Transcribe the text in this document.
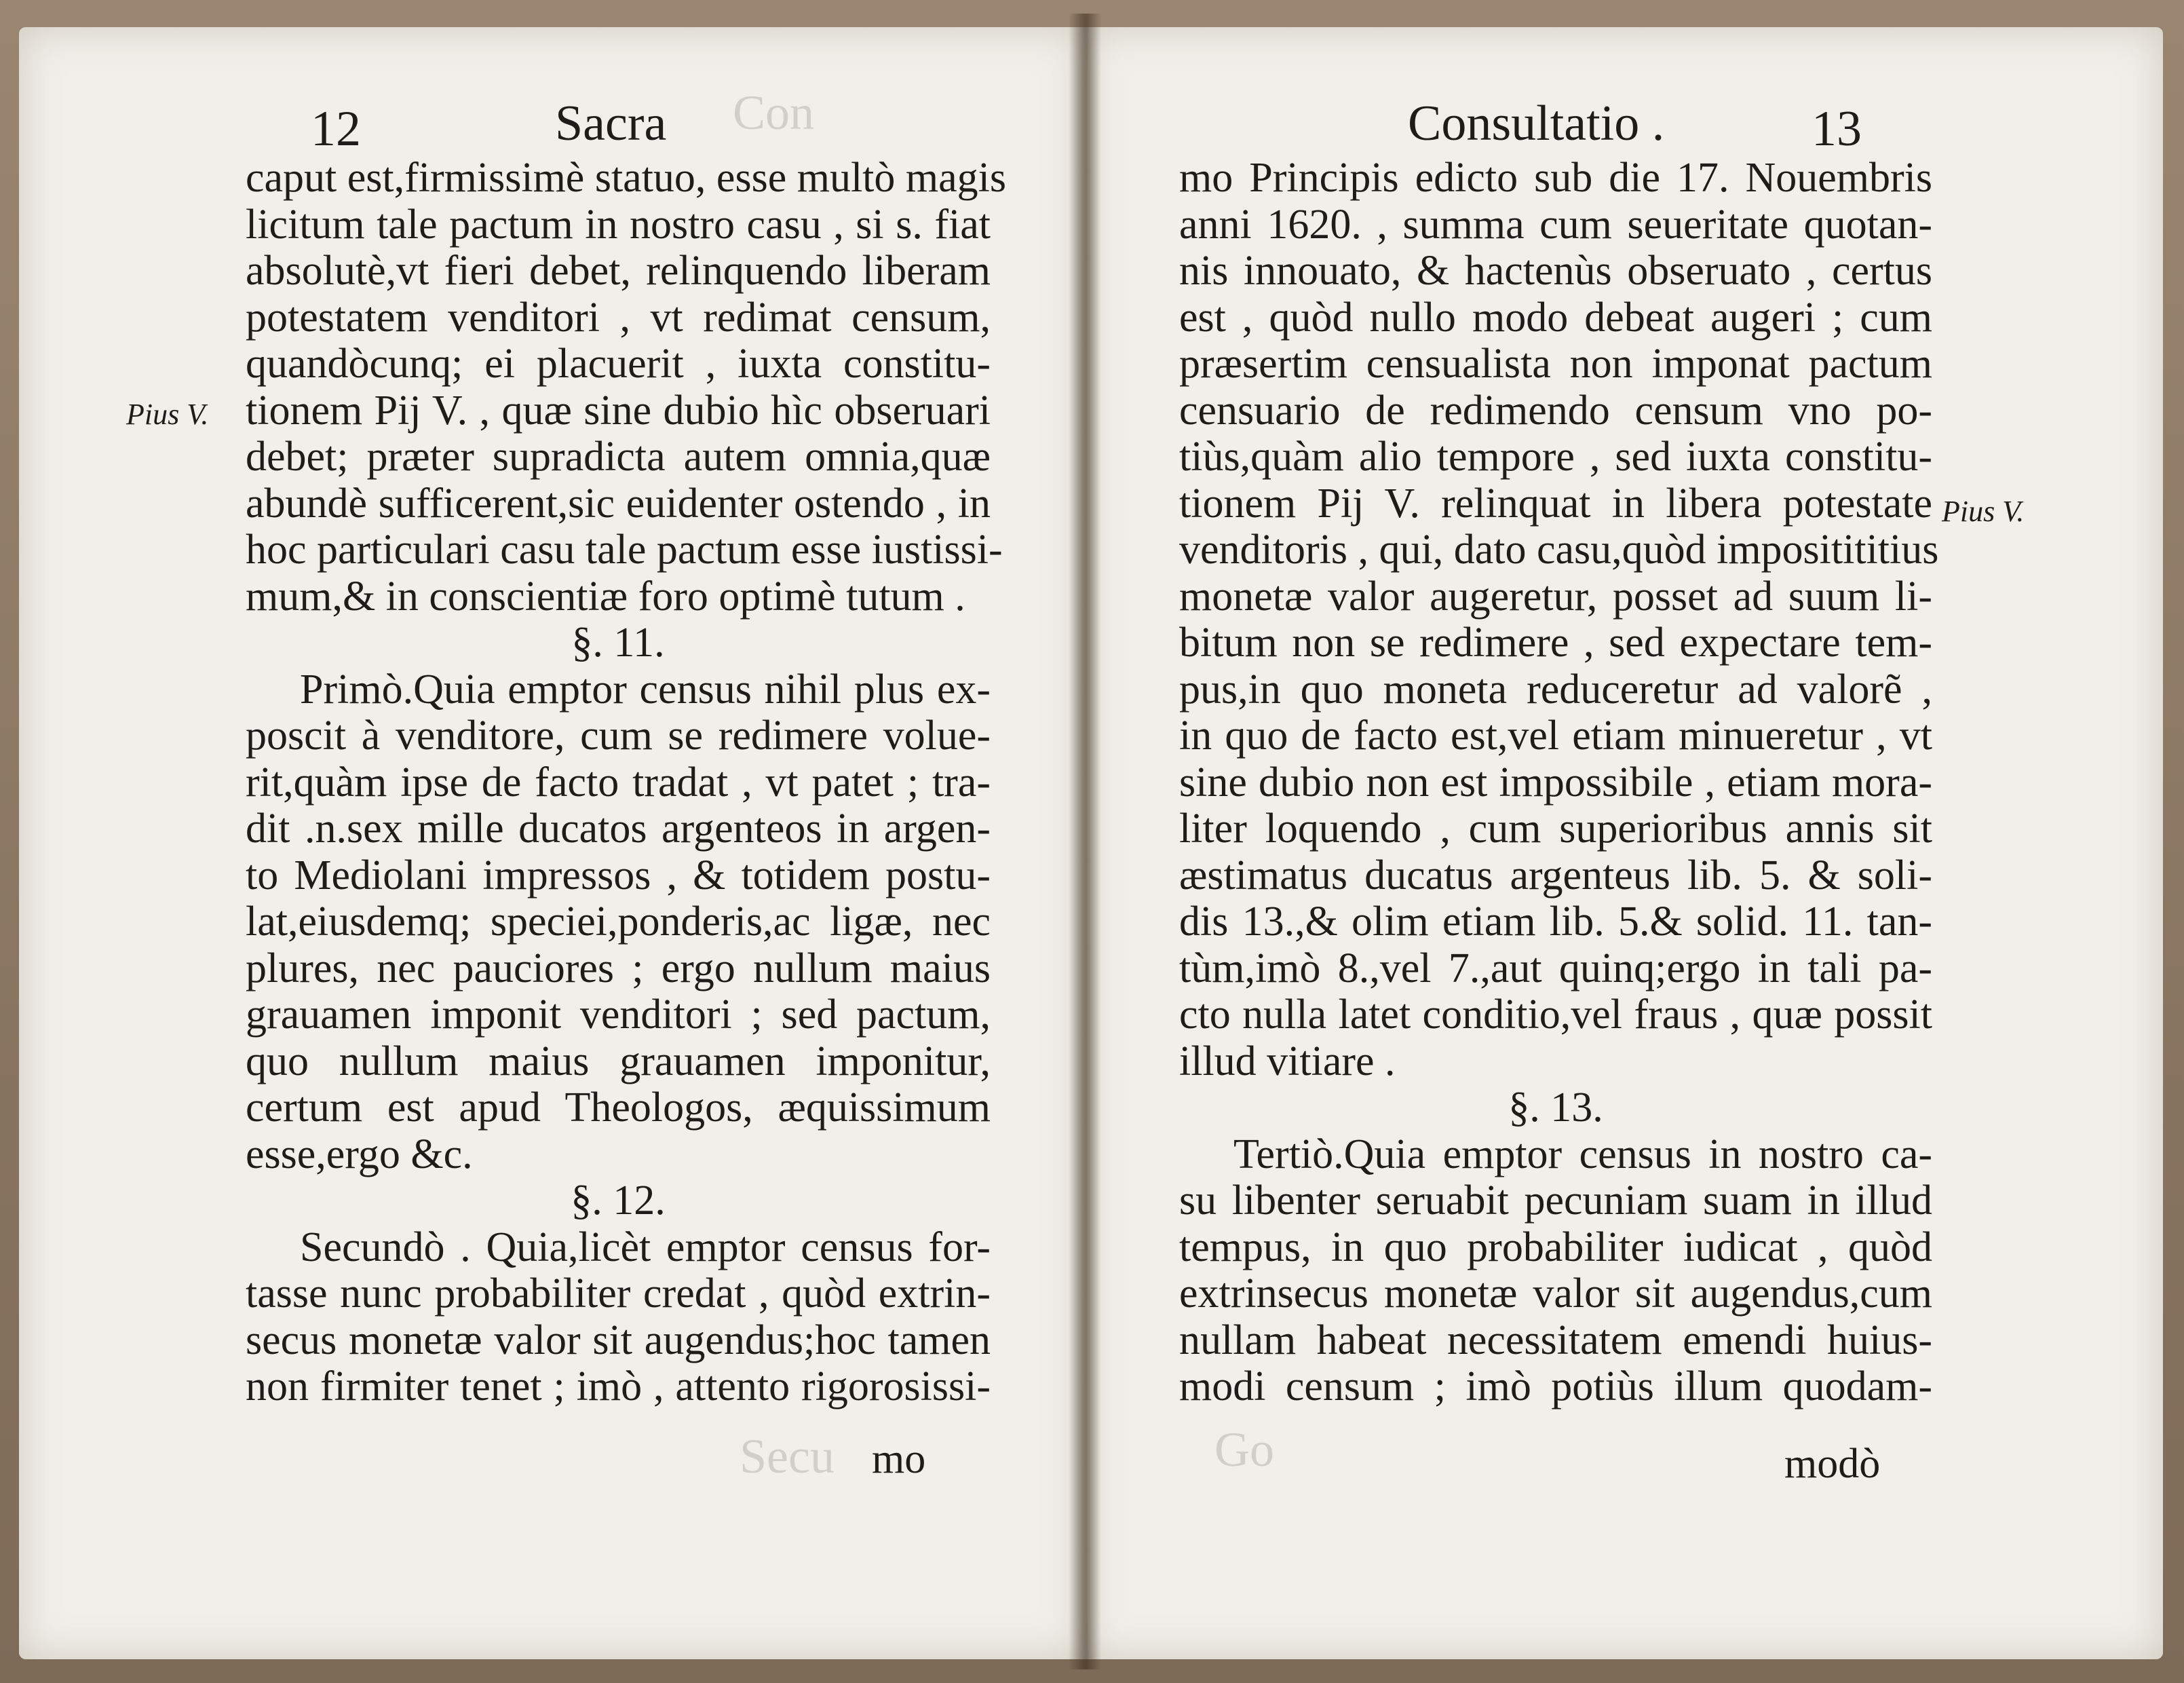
Con
Secu	Go
12	Sacra
Pius V.
caput est,firmissimè statuo, esse multò magis
licitum tale pactum in nostro casu , si s. fiat
absolutè,vt fieri debet, relinquendo liberam
potestatem venditori , vt redimat censum,
quandòcunq; ei placuerit , iuxta constitu-
tionem Pij V. , quæ sine dubio hìc obseruari
debet; præter supradicta autem omnia,quæ
abundè sufficerent,sic euidenter ostendo , in
hoc particulari casu tale pactum esse iustissi-
mum,& in conscientiæ foro optimè tutum .
§. 11.
Primò.Quia emptor census nihil plus ex-
poscit à venditore, cum se redimere volue-
rit,quàm ipse de facto tradat , vt patet ; tra-
dit .n.sex mille ducatos argenteos in argen-
to Mediolani impressos , & totidem postu-
lat,eiusdemq; speciei,ponderis,ac ligæ, nec
plures, nec pauciores ; ergo nullum maius
grauamen imponit venditori ; sed pactum,
quo nullum maius grauamen imponitur,
certum est apud Theologos, æquissimum
esse,ergo &c.
§. 12.
Secundò . Quia,licèt emptor census for-
tasse nunc probabiliter credat , quòd extrin-
secus monetæ valor sit augendus;hoc tamen
non firmiter tenet ; imò , attento rigorosissi-
mo
Consultatio .	13
Pius V.
mo Principis edicto sub die 17. Nouembris
anni 1620. , summa cum seueritate quotan-
nis innouato, & hactenùs obseruato , certus
est , quòd nullo modo debeat augeri ; cum
præsertim censualista non imponat pactum
censuario de redimendo censum vno po-
tiùs,quàm alio tempore , sed iuxta constitu-
tionem Pij V. relinquat in libera potestate
venditoris , qui, dato casu,quòd impositititius
monetæ valor augeretur, posset ad suum li-
bitum non se redimere , sed expectare tem-
pus,in quo moneta reduceretur ad valorẽ ,
in quo de facto est,vel etiam minueretur , vt
sine dubio non est impossibile , etiam mora-
liter loquendo , cum superioribus annis sit
æstimatus ducatus argenteus lib. 5. & soli-
dis 13.,& olim etiam lib. 5.& solid. 11. tan-
tùm,imò 8.,vel 7.,aut quinq;ergo in tali pa-
cto nulla latet conditio,vel fraus , quæ possit
illud vitiare .
§. 13.
Tertiò.Quia emptor census in nostro ca-
su libenter seruabit pecuniam suam in illud
tempus, in quo probabiliter iudicat , quòd
extrinsecus monetæ valor sit augendus,cum
nullam habeat necessitatem emendi huius-
modi censum ; imò potiùs illum quodam-
modò
